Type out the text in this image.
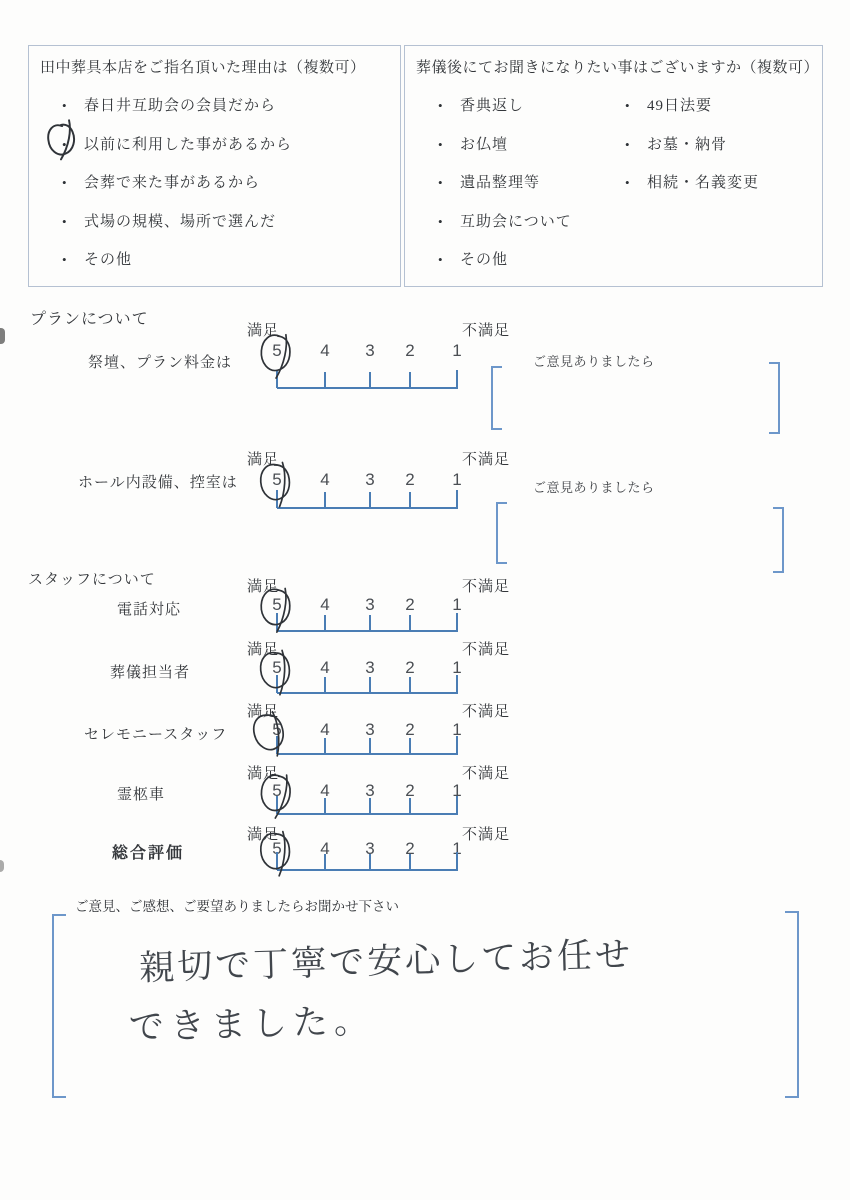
田中葬具本店をご指名頂いた理由は（複数可）
• 春日井互助会の会員だから
• 以前に利用した事があるから
• 会葬で来た事があるから
• 式場の規模、場所で選んだ
• その他
葬儀後にてお聞きになりたい事はございますか（複数可）
• 香典返し
• お仏壇
• 遺品整理等
• 互助会について
• その他
• 49日法要
• お墓・納骨
• 相続・名義変更
プランについて
スタッフについて
祭壇、プラン料金は
満足	不満足
5 4 3 2 1
ご意見ありましたら
ホール内設備、控室は
満足	不満足
5 4 3 2 1	ご意見ありましたら
電話対応
満足	不満足
5 4 3 2 1
葬儀担当者
満足	不満足
5 4 3 2 1
セレモニースタッフ
満足	不満足
5 4 3 2 1
霊柩車
満足	不満足
5 4 3 2 1
総合評価
満足	不満足
5 4 3 2 1
ご意見、ご感想、ご要望ありましたらお聞かせ下さい
親切で丁寧で安心してお任せ
できました。
